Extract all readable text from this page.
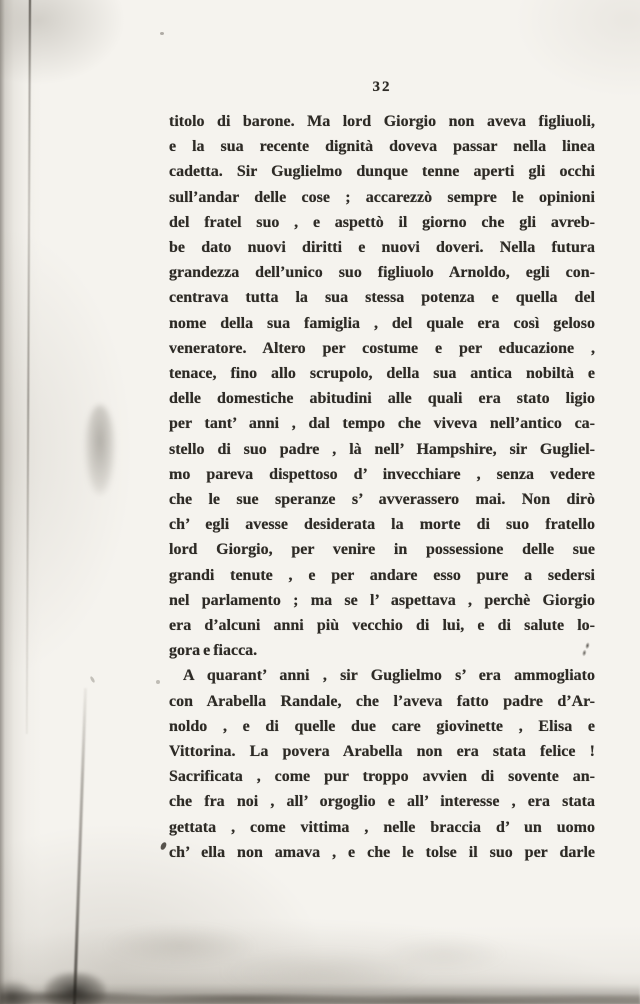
32
titolo di barone. Ma lord Giorgio non aveva figliuoli,
e la sua recente dignità doveva passar nella linea
cadetta. Sir Guglielmo dunque tenne aperti gli occhi
sull’andar delle cose ; accarezzò sempre le opinioni
del fratel suo , e aspettò il giorno che gli avreb-
be dato nuovi diritti e nuovi doveri. Nella futura
grandezza dell’unico suo figliuolo Arnoldo, egli con-
centrava tutta la sua stessa potenza e quella del
nome della sua famiglia , del quale era così geloso
veneratore. Altero per costume e per educazione ,
tenace, fino allo scrupolo, della sua antica nobiltà e
delle domestiche abitudini alle quali era stato ligio
per tant’ anni , dal tempo che viveva nell’antico ca-
stello di suo padre , là nell’ Hampshire, sir Gugliel-
mo pareva dispettoso d’ invecchiare , senza vedere
che le sue speranze s’ avverassero mai. Non dirò
ch’ egli avesse desiderata la morte di suo fratello
lord Giorgio, per venire in possessione delle sue
grandi tenute , e per andare esso pure a sedersi
nel parlamento ; ma se l’ aspettava , perchè Giorgio
era d’alcuni anni più vecchio di lui, e di salute lo-
gora e fiacca.
A quarant’ anni , sir Guglielmo s’ era ammogliato
con Arabella Randale, che l’aveva fatto padre d’Ar-
noldo , e di quelle due care giovinette , Elisa e
Vittorina. La povera Arabella non era stata felice !
Sacrificata , come pur troppo avvien di sovente an-
che fra noi , all’ orgoglio e all’ interesse , era stata
gettata , come vittima , nelle braccia d’ un uomo
ch’ ella non amava , e che le tolse il suo per darle
